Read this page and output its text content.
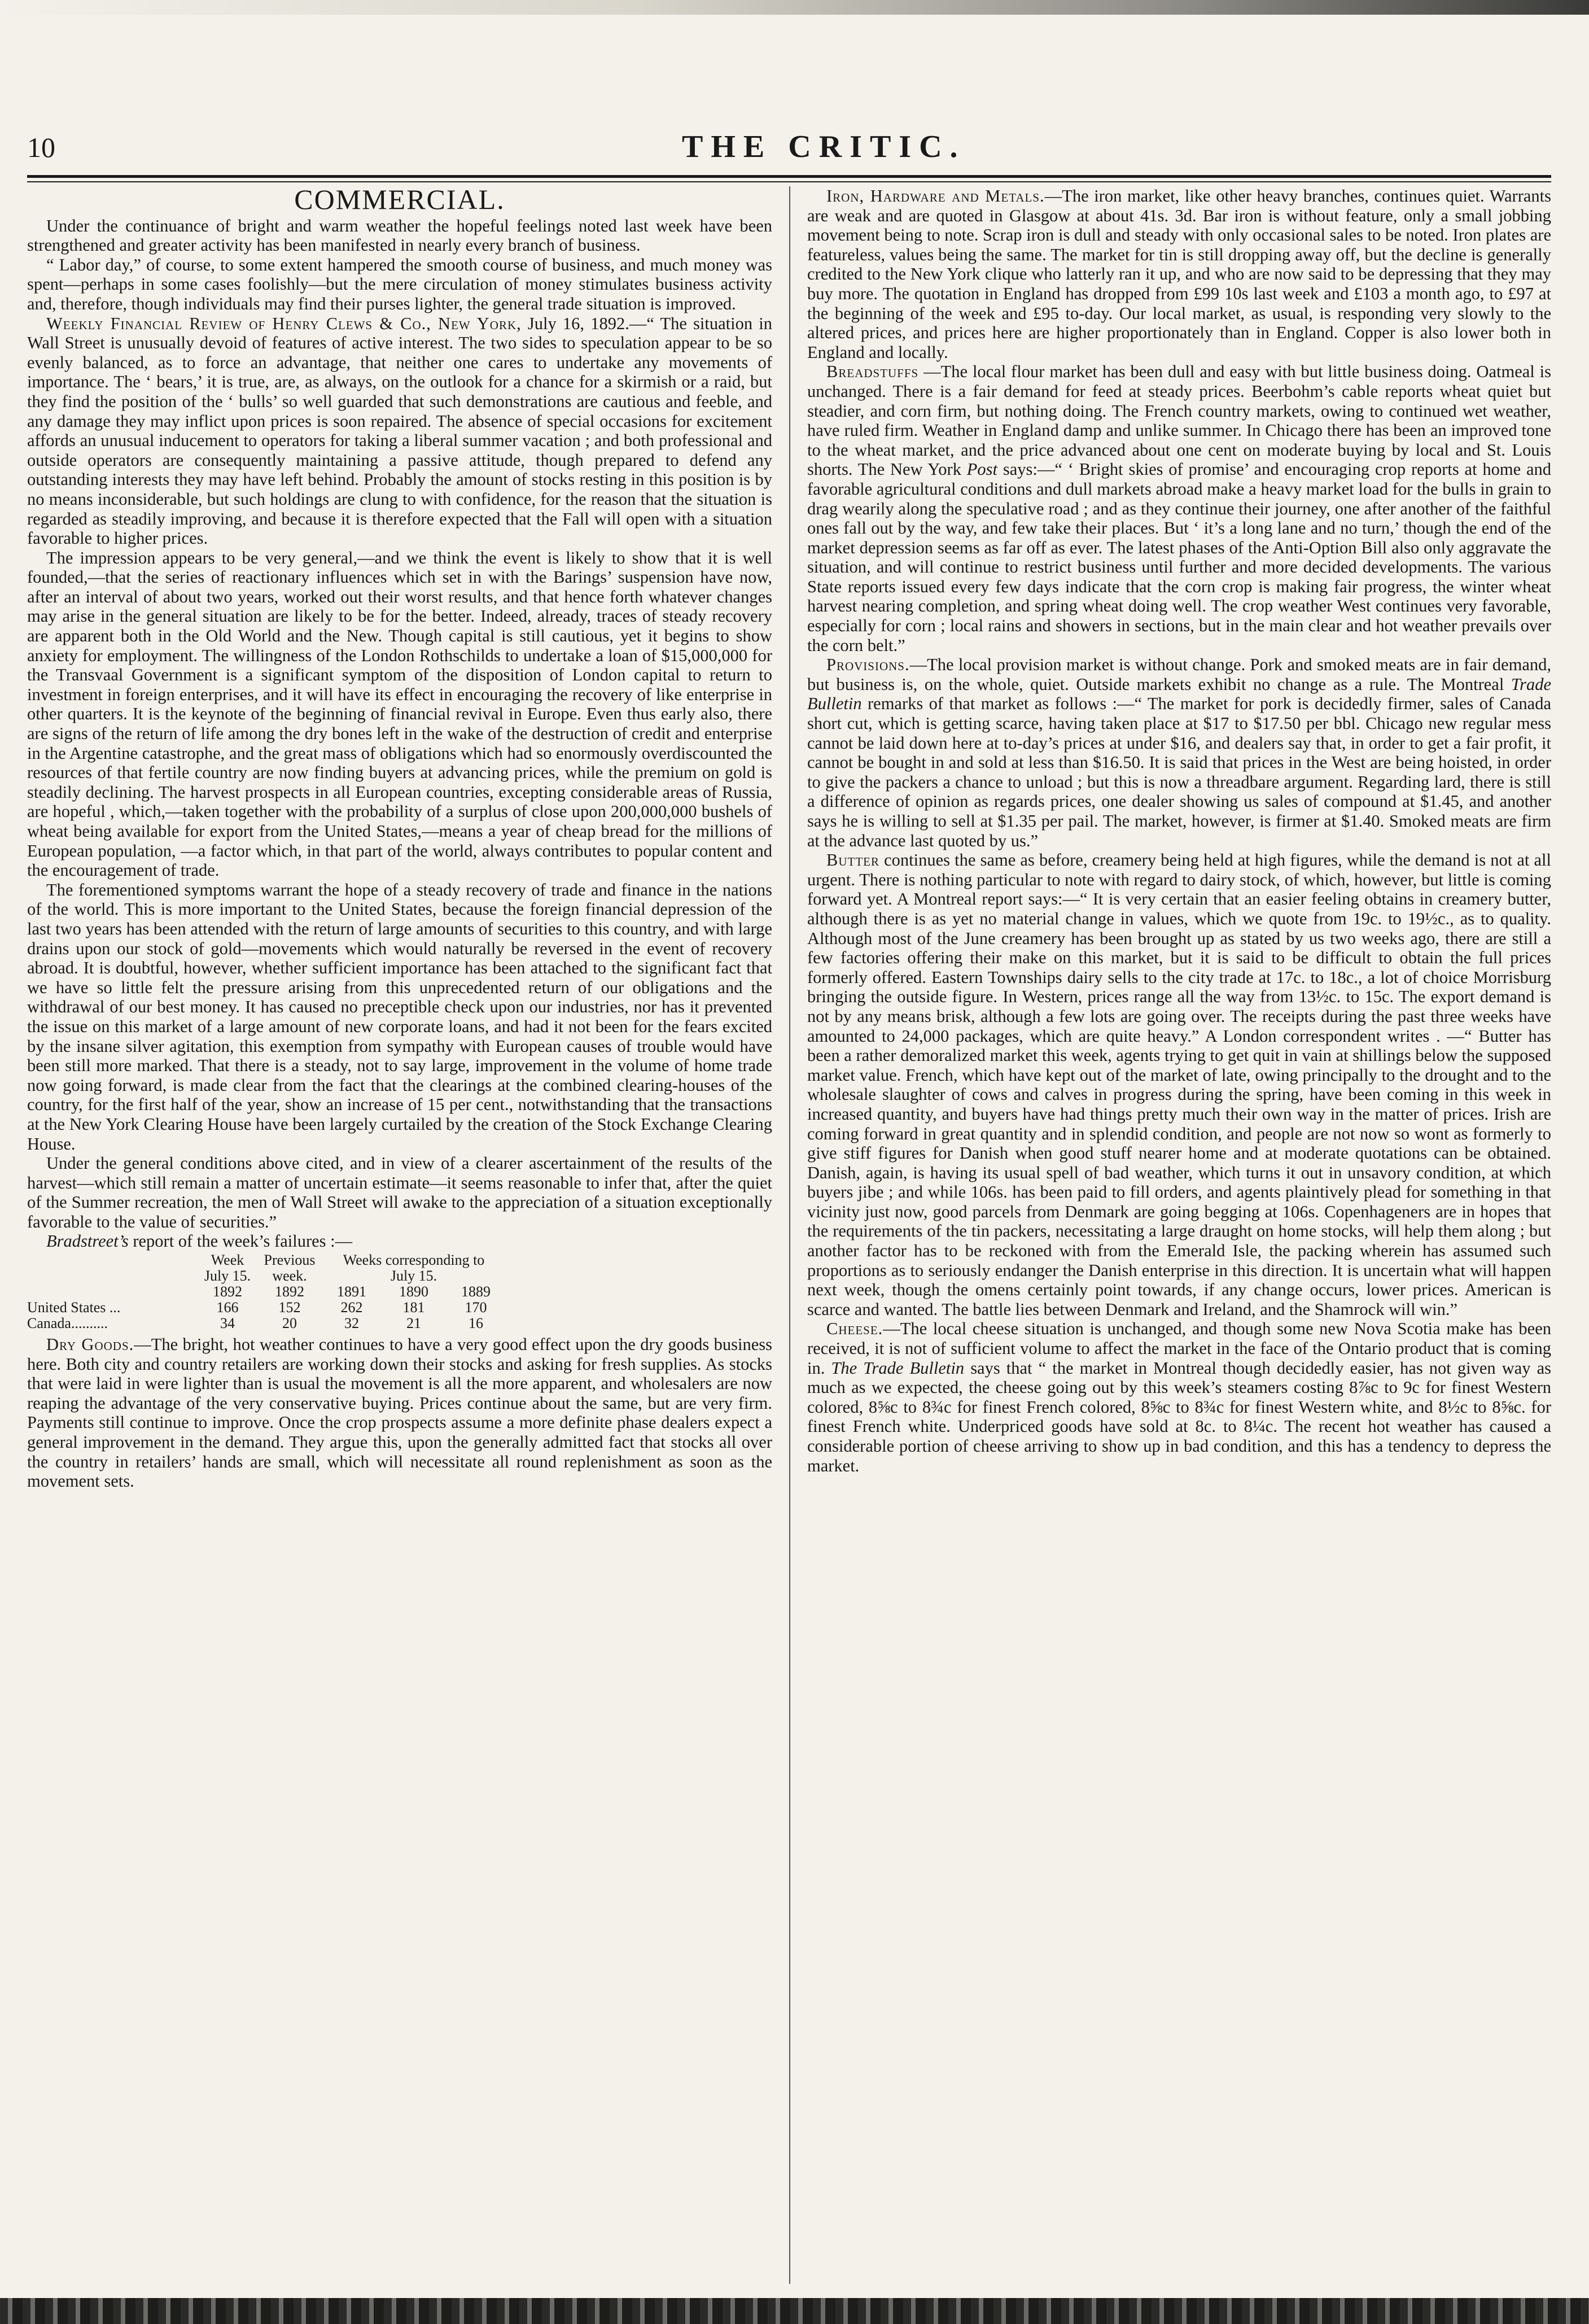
10	THE CRITIC.
COMMERCIAL.

Under the continuance of bright and warm weather the hopeful feelings noted last week have been strengthened and greater activity has been manifested in nearly every branch of business.

“ Labor day,” of course, to some extent hampered the smooth course of business, and much money was spent—perhaps in some cases foolishly—but the mere circulation of money stimulates business activity and, therefore, though individuals may find their purses lighter, the general trade situation is improved.

Weekly Financial Review of Henry Clews & Co., New York, July 16, 1892.—“ The situation in Wall Street is unusually devoid of features of active interest. The two sides to speculation appear to be so evenly balanced, as to force an advantage, that neither one cares to undertake any movements of importance. The ‘ bears,’ it is true, are, as always, on the outlook for a chance for a skirmish or a raid, but they find the position of the ‘ bulls’ so well guarded that such demonstrations are cautious and feeble, and any damage they may inflict upon prices is soon repaired. The absence of special occasions for excitement affords an unusual inducement to operators for taking a liberal summer vacation ; and both professional and outside operators are consequently maintaining a passive attitude, though prepared to defend any outstanding interests they may have left behind. Probably the amount of stocks resting in this position is by no means inconsiderable, but such holdings are clung to with confidence, for the reason that the situation is regarded as steadily improving, and because it is therefore expected that the Fall will open with a situation favorable to higher prices.

The impression appears to be very general,—and we think the event is likely to show that it is well founded,—that the series of reactionary influences which set in with the Barings’ suspension have now, after an interval of about two years, worked out their worst results, and that hence forth whatever changes may arise in the general situation are likely to be for the better. Indeed, already, traces of steady recovery are apparent both in the Old World and the New. Though capital is still cautious, yet it begins to show anxiety for employment. The willingness of the London Rothschilds to undertake a loan of $15,000,000 for the Transvaal Government is a significant symptom of the disposition of London capital to return to investment in foreign enterprises, and it will have its effect in encouraging the recovery of like enterprise in other quarters. It is the keynote of the beginning of financial revival in Europe. Even thus early also, there are signs of the return of life among the dry bones left in the wake of the destruction of credit and enterprise in the Argentine catastrophe, and the great mass of obligations which had so enormously overdiscounted the resources of that fertile country are now finding buyers at advancing prices, while the premium on gold is steadily declining. The harvest prospects in all European countries, excepting considerable areas of Russia, are hopeful , which,—taken together with the probability of a surplus of close upon 200,000,000 bushels of wheat being available for export from the United States,—means a year of cheap bread for the millions of European population, —a factor which, in that part of the world, always contributes to popular content and the encouragement of trade.

The forementioned symptoms warrant the hope of a steady recovery of trade and finance in the nations of the world. This is more important to the United States, because the foreign financial depression of the last two years has been attended with the return of large amounts of securities to this country, and with large drains upon our stock of gold—movements which would naturally be reversed in the event of recovery abroad. It is doubtful, however, whether sufficient importance has been attached to the significant fact that we have so little felt the pressure arising from this unprecedented return of our obligations and the withdrawal of our best money. It has caused no preceptible check upon our industries, nor has it prevented the issue on this market of a large amount of new corporate loans, and had it not been for the fears excited by the insane silver agitation, this exemption from sympathy with European causes of trouble would have been still more marked. That there is a steady, not to say large, improvement in the volume of home trade now going forward, is made clear from the fact that the clearings at the combined clearing-houses of the country, for the first half of the year, show an increase of 15 per cent., notwithstanding that the transactions at the New York Clearing House have been largely curtailed by the creation of the Stock Exchange Clearing House.

Under the general conditions above cited, and in view of a clearer ascertainment of the results of the harvest—which still remain a matter of uncertain estimate—it seems reasonable to infer that, after the quiet of the Summer recreation, the men of Wall Street will awake to the appreciation of a situation exceptionally favorable to the value of securities.”

Bradstreet’s report of the week’s failures :—

Week	Previous	Weeks corresponding to
July 15.	week.	July 15.
1892	1892	1891	1890	1889
United States ...	166	152	262	181	170
Canada..........	34	20	32	21	16

Dry Goods.—The bright, hot weather continues to have a very good effect upon the dry goods business here. Both city and country retailers are working down their stocks and asking for fresh supplies. As stocks that were laid in were lighter than is usual the movement is all the more apparent, and wholesalers are now reaping the advantage of the very conservative buying. Prices continue about the same, but are very firm. Payments still continue to improve. Once the crop prospects assume a more definite phase dealers expect a general improvement in the demand. They argue this, upon the generally admitted fact that stocks all over the country in retailers’ hands are small, which will necessitate all round replenishment as soon as the movement sets.

Iron, Hardware and Metals.—The iron market, like other heavy branches, continues quiet. Warrants are weak and are quoted in Glasgow at about 41s. 3d. Bar iron is without feature, only a small jobbing movement being to note. Scrap iron is dull and steady with only occasional sales to be noted. Iron plates are featureless, values being the same. The market for tin is still dropping away off, but the decline is generally credited to the New York clique who latterly ran it up, and who are now said to be depressing that they may buy more. The quotation in England has dropped from £99 10s last week and £103 a month ago, to £97 at the beginning of the week and £95 to-day. Our local market, as usual, is responding very slowly to the altered prices, and prices here are higher proportionately than in England. Copper is also lower both in England and locally.

Breadstuffs —The local flour market has been dull and easy with but little business doing. Oatmeal is unchanged. There is a fair demand for feed at steady prices. Beerbohm’s cable reports wheat quiet but steadier, and corn firm, but nothing doing. The French country markets, owing to continued wet weather, have ruled firm. Weather in England damp and unlike summer. In Chicago there has been an improved tone to the wheat market, and the price advanced about one cent on moderate buying by local and St. Louis shorts. The New York Post says:—“ ‘ Bright skies of promise’ and encouraging crop reports at home and favorable agricultural conditions and dull markets abroad make a heavy market load for the bulls in grain to drag wearily along the speculative road ; and as they continue their journey, one after another of the faithful ones fall out by the way, and few take their places. But ‘ it’s a long lane and no turn,’ though the end of the market depression seems as far off as ever. The latest phases of the Anti-Option Bill also only aggravate the situation, and will continue to restrict business until further and more decided developments. The various State reports issued every few days indicate that the corn crop is making fair progress, the winter wheat harvest nearing completion, and spring wheat doing well. The crop weather West continues very favorable, especially for corn ; local rains and showers in sections, but in the main clear and hot weather prevails over the corn belt.”

Provisions.—The local provision market is without change. Pork and smoked meats are in fair demand, but business is, on the whole, quiet. Outside markets exhibit no change as a rule. The Montreal Trade Bulletin remarks of that market as follows :—“ The market for pork is decidedly firmer, sales of Canada short cut, which is getting scarce, having taken place at $17 to $17.50 per bbl. Chicago new regular mess cannot be laid down here at to-day’s prices at under $16, and dealers say that, in order to get a fair profit, it cannot be bought in and sold at less than $16.50. It is said that prices in the West are being hoisted, in order to give the packers a chance to unload ; but this is now a threadbare argument. Regarding lard, there is still a difference of opinion as regards prices, one dealer showing us sales of compound at $1.45, and another says he is willing to sell at $1.35 per pail. The market, however, is firmer at $1.40. Smoked meats are firm at the advance last quoted by us.”

Butter continues the same as before, creamery being held at high figures, while the demand is not at all urgent. There is nothing particular to note with regard to dairy stock, of which, however, but little is coming forward yet. A Montreal report says:—“ It is very certain that an easier feeling obtains in creamery butter, although there is as yet no material change in values, which we quote from 19c. to 19½c., as to quality. Although most of the June creamery has been brought up as stated by us two weeks ago, there are still a few factories offering their make on this market, but it is said to be difficult to obtain the full prices formerly offered. Eastern Townships dairy sells to the city trade at 17c. to 18c., a lot of choice Morrisburg bringing the outside figure. In Western, prices range all the way from 13½c. to 15c. The export demand is not by any means brisk, although a few lots are going over. The receipts during the past three weeks have amounted to 24,000 packages, which are quite heavy.” A London correspondent writes . —“ Butter has been a rather demoralized market this week, agents trying to get quit in vain at shillings below the supposed market value. French, which have kept out of the market of late, owing principally to the drought and to the wholesale slaughter of cows and calves in progress during the spring, have been coming in this week in increased quantity, and buyers have had things pretty much their own way in the matter of prices. Irish are coming forward in great quantity and in splendid condition, and people are not now so wont as formerly to give stiff figures for Danish when good stuff nearer home and at moderate quotations can be obtained. Danish, again, is having its usual spell of bad weather, which turns it out in unsavory condition, at which buyers jibe ; and while 106s. has been paid to fill orders, and agents plaintively plead for something in that vicinity just now, good parcels from Denmark are going begging at 106s. Copenhageners are in hopes that the requirements of the tin packers, necessitating a large draught on home stocks, will help them along ; but another factor has to be reckoned with from the Emerald Isle, the packing wherein has assumed such proportions as to seriously endanger the Danish enterprise in this direction. It is uncertain what will happen next week, though the omens certainly point towards, if any change occurs, lower prices. American is scarce and wanted. The battle lies between Denmark and Ireland, and the Shamrock will win.”

Cheese.—The local cheese situation is unchanged, and though some new Nova Scotia make has been received, it is not of sufficient volume to affect the market in the face of the Ontario product that is coming in. The Trade Bulletin says that “ the market in Montreal though decidedly easier, has not given way as much as we expected, the cheese going out by this week’s steamers costing 8⅞c to 9c for finest Western colored, 8⅝c to 8¾c for finest French colored, 8⅝c to 8¾c for finest Western white, and 8½c to 8⅝c. for finest French white. Underpriced goods have sold at 8c. to 8¼c. The recent hot weather has caused a considerable portion of cheese arriving to show up in bad condition, and this has a tendency to depress the market.
